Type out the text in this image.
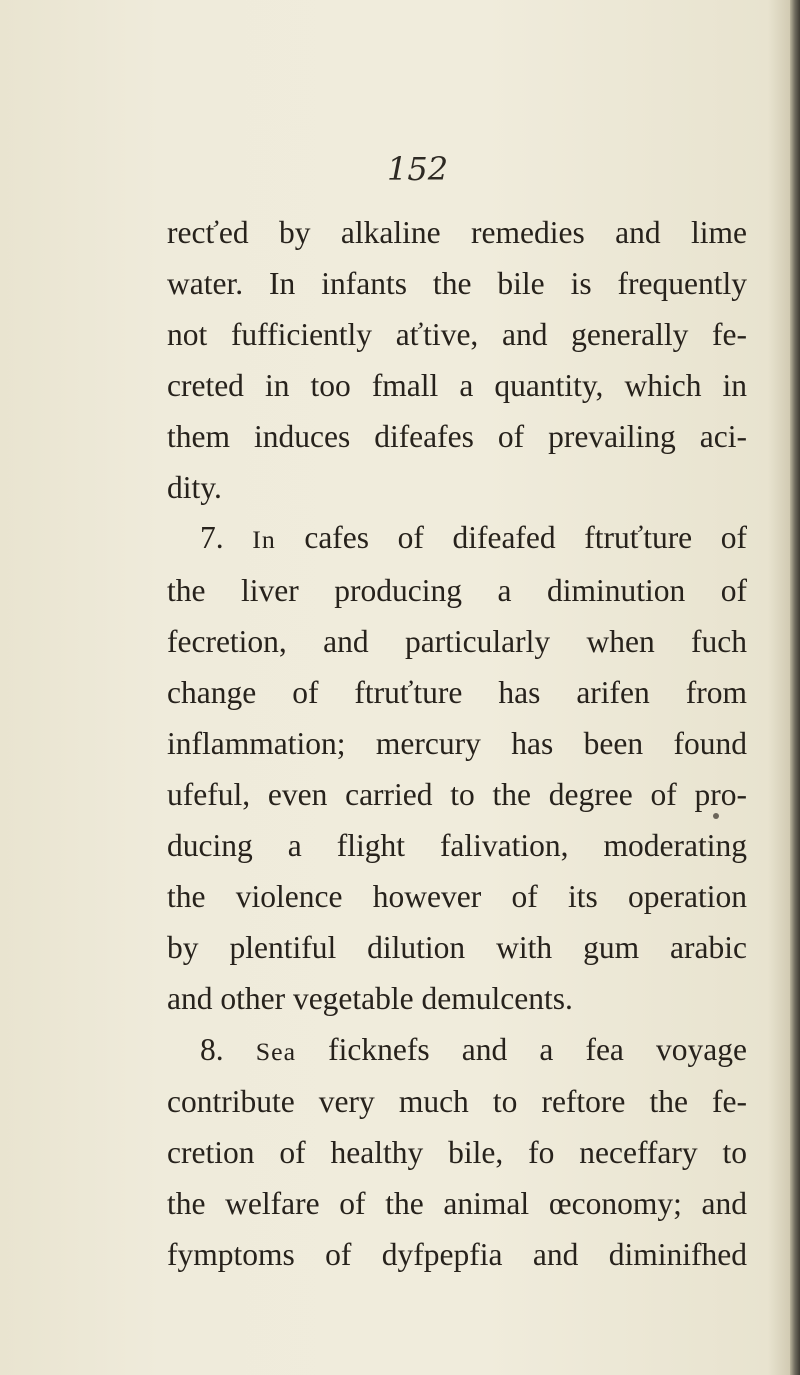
152
recťed by alkaline remedies and lime
water. In infants the bile is frequently
not fufficiently aťtive, and generally fe-
creted in too fmall a quantity, which in
them induces difeafes of prevailing aci-
dity.
7. In cafes of difeafed ftruťture of
the liver producing a diminution of
fecretion, and particularly when fuch
change of ftruťture has arifen from
inflammation; mercury has been found
ufeful, even carried to the degree of pro-
ducing a flight falivation, moderating
the violence however of its operation
by plentiful dilution with gum arabic
and other vegetable demulcents.
8. Sea ficknefs and a fea voyage
contribute very much to reftore the fe-
cretion of healthy bile, fo neceffary to
the welfare of the animal œconomy; and
fymptoms of dyfpepfia and diminifhed
